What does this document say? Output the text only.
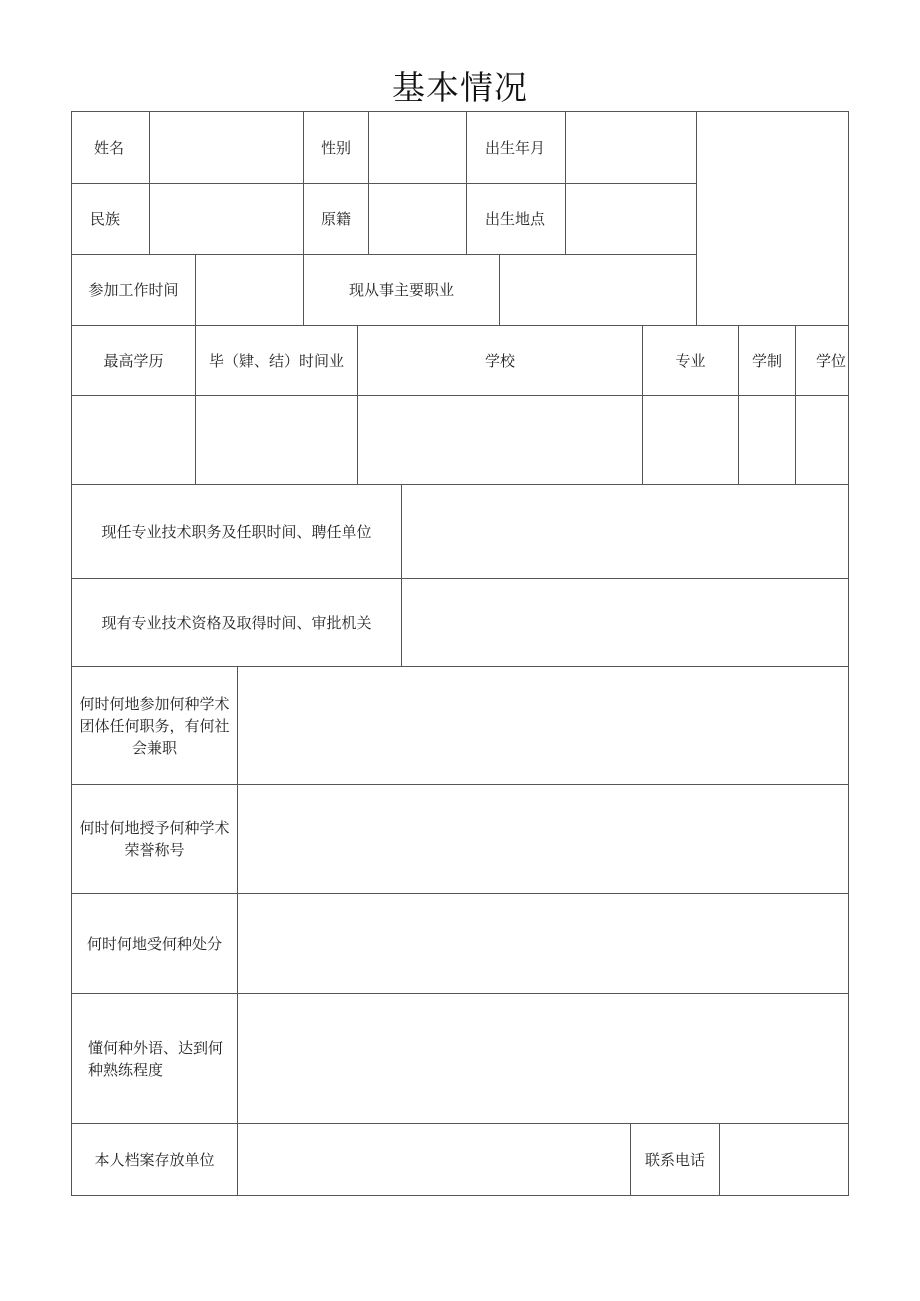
基本情况
姓名	性别	出生年月
民族	原籍	出生地点
参加工作时间	现从事主要职业
最高学历	毕（肄、结）时间业	学校	专业	学制	学位
现任专业技术职务及任职时间、聘任单位
现有专业技术资格及取得时间、审批机关
何时何地参加何种学术团体任何职务，有何社会兼职
何时何地授予何种学术荣誉称号
何时何地受何种处分
懂何种外语、达到何种熟练程度
本人档案存放单位	联系电话
